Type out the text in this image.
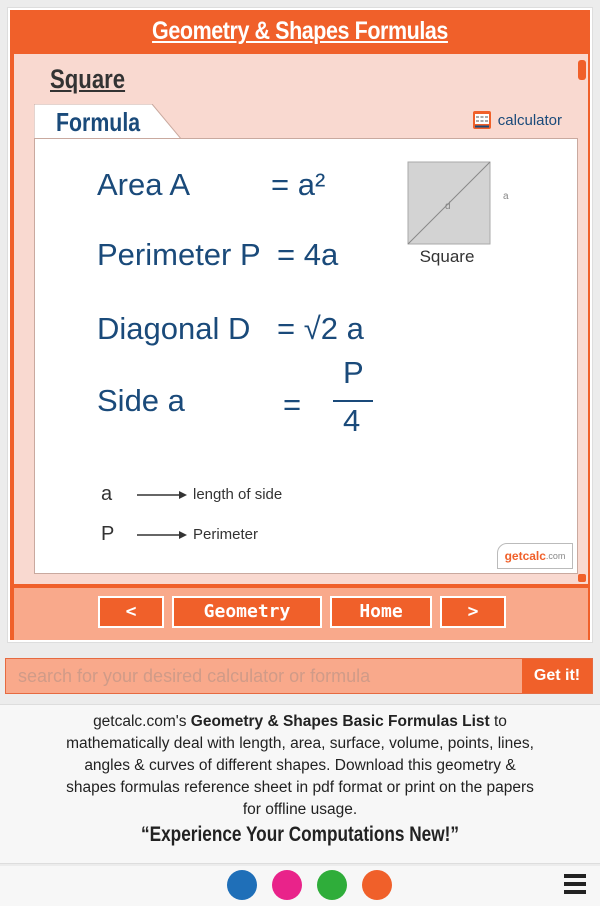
Geometry & Shapes Formulas
Square
Formula	calculator
Area A	= a²
Perimeter P = 4a
Diagonal D = √2 a
Side a	=
P
4
d
a
Square
a	length of side
P	Perimeter
getcalc .com
<	Geometry	Home	>
search for your desired calculator or formula
Get it!
getcalc.com's Geometry & Shapes Basic Formulas List to mathematically deal with length, area, surface, volume, points, lines, angles & curves of different shapes. Download this geometry & shapes formulas reference sheet in pdf format or print on the papers for offline usage.
“Experience Your Computations New!”
